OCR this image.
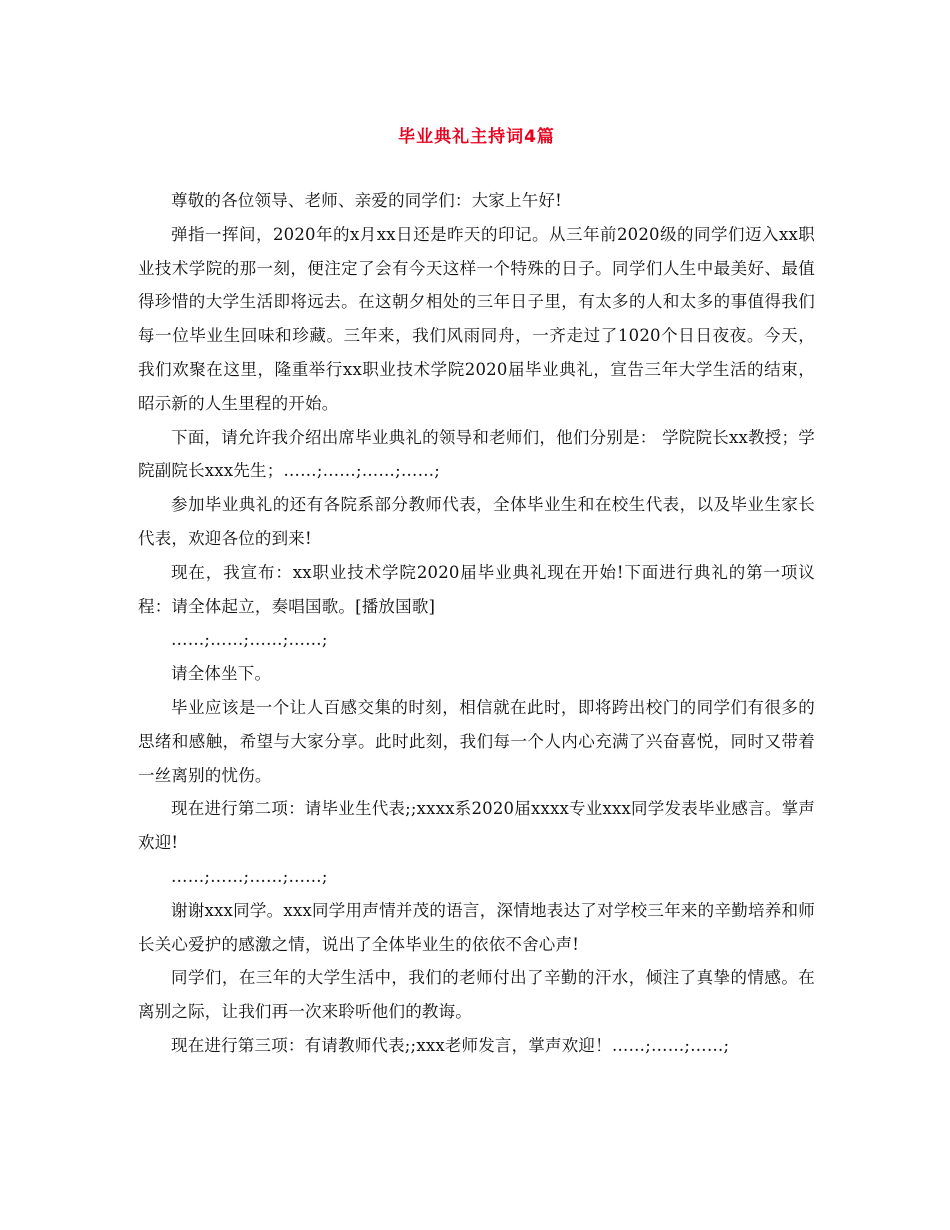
毕业典礼主持词4篇

尊敬的各位领导、老师、亲爱的同学们：大家上午好!

弹指一挥间，2020年的x月xx日还是昨天的印记。从三年前2020级的同学们迈入xx职业技术学院的那一刻，便注定了会有今天这样一个特殊的日子。同学们人生中最美好、最值得珍惜的大学生活即将远去。在这朝夕相处的三年日子里，有太多的人和太多的事值得我们每一位毕业生回味和珍藏。三年来，我们风雨同舟，一齐走过了1020个日日夜夜。今天，我们欢聚在这里，隆重举行xx职业技术学院2020届毕业典礼，宣告三年大学生活的结束，昭示新的人生里程的开始。

下面，请允许我介绍出席毕业典礼的领导和老师们，他们分别是： 学院院长xx教授；学院副院长xxx先生；……;……;……;……;

参加毕业典礼的还有各院系部分教师代表，全体毕业生和在校生代表，以及毕业生家长代表，欢迎各位的到来!

现在，我宣布：xx职业技术学院2020届毕业典礼现在开始!下面进行典礼的第一项议程：请全体起立，奏唱国歌。[播放国歌]

……;……;……;……;

请全体坐下。

毕业应该是一个让人百感交集的时刻，相信就在此时，即将跨出校门的同学们有很多的思绪和感触，希望与大家分享。此时此刻，我们每一个人内心充满了兴奋喜悦，同时又带着一丝离别的忧伤。

现在进行第二项：请毕业生代表;;xxxx系2020届xxxx专业xxx同学发表毕业感言。掌声欢迎!

……;……;……;……;

谢谢xxx同学。xxx同学用声情并茂的语言，深情地表达了对学校三年来的辛勤培养和师长关心爱护的感激之情，说出了全体毕业生的依依不舍心声!

同学们，在三年的大学生活中，我们的老师付出了辛勤的汗水，倾注了真挚的情感。在离别之际，让我们再一次来聆听他们的教诲。

现在进行第三项：有请教师代表;;xxx老师发言，掌声欢迎！……;……;……;
